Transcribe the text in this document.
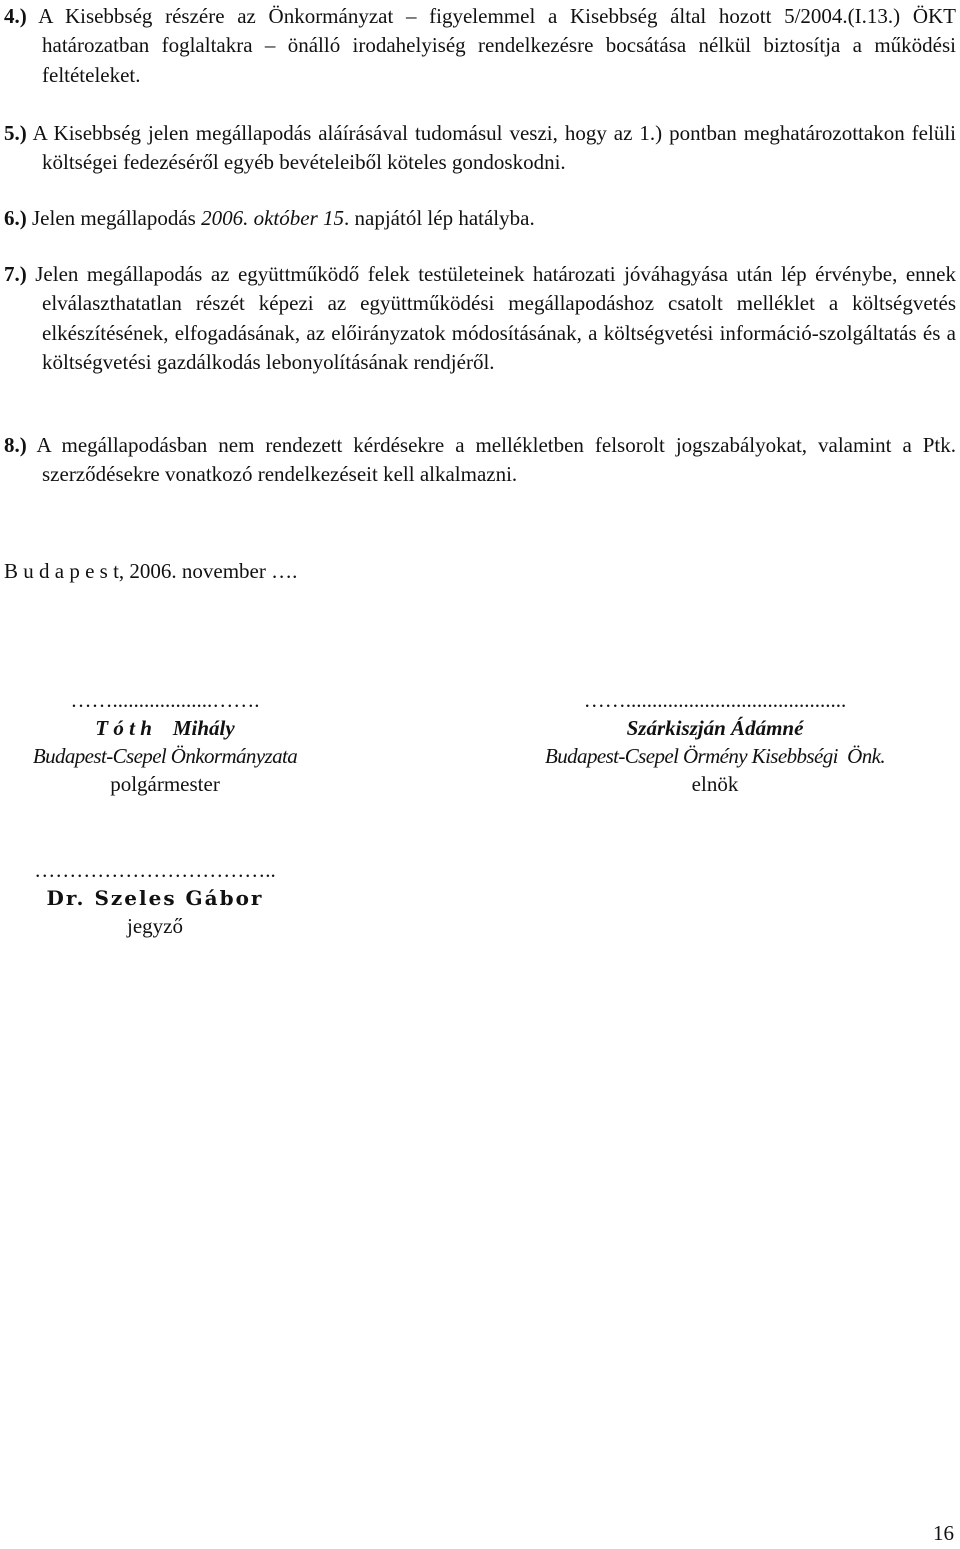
4.) A Kisebbség részére az Önkormányzat – figyelemmel a Kisebbség által hozott 5/2004.(I.13.) ÖKT határozatban foglaltakra – önálló irodahelyiség rendelkezésre bocsátása nélkül biztosítja a működési feltételeket.

5.) A Kisebbség jelen megállapodás aláírásával tudomásul veszi, hogy az 1.) pontban meghatározottakon felüli költségei fedezéséről egyéb bevételeiből köteles gondoskodni.

6.) Jelen megállapodás 2006. október 15. napjától lép hatályba.

7.) Jelen megállapodás az együttműködő felek testületeinek határozati jóváhagyása után lép érvénybe, ennek elválaszthatatlan részét képezi az együttműködési megállapodáshoz csatolt melléklet a költségvetés elkészítésének, elfogadásának, az előirányzatok módosításának, a költségvetési információ-szolgáltatás és a költségvetési gazdálkodás lebonyolításának rendjéről.

8.) A megállapodásban nem rendezett kérdésekre a mellékletben felsorolt jogszabályokat, valamint a Ptk. szerződésekre vonatkozó rendelkezéseit kell alkalmazni.

B u d a p e s t, 2006. november ….
……...................…….
T ó t h    Mihály
Budapest-Csepel Önkormányzata
polgármester
……..........................................
Szárkiszján Ádámné
Budapest-Csepel Örmény Kisebbségi  Önk.
elnök
……………………………..
Dr. Szeles Gábor
jegyző
16
